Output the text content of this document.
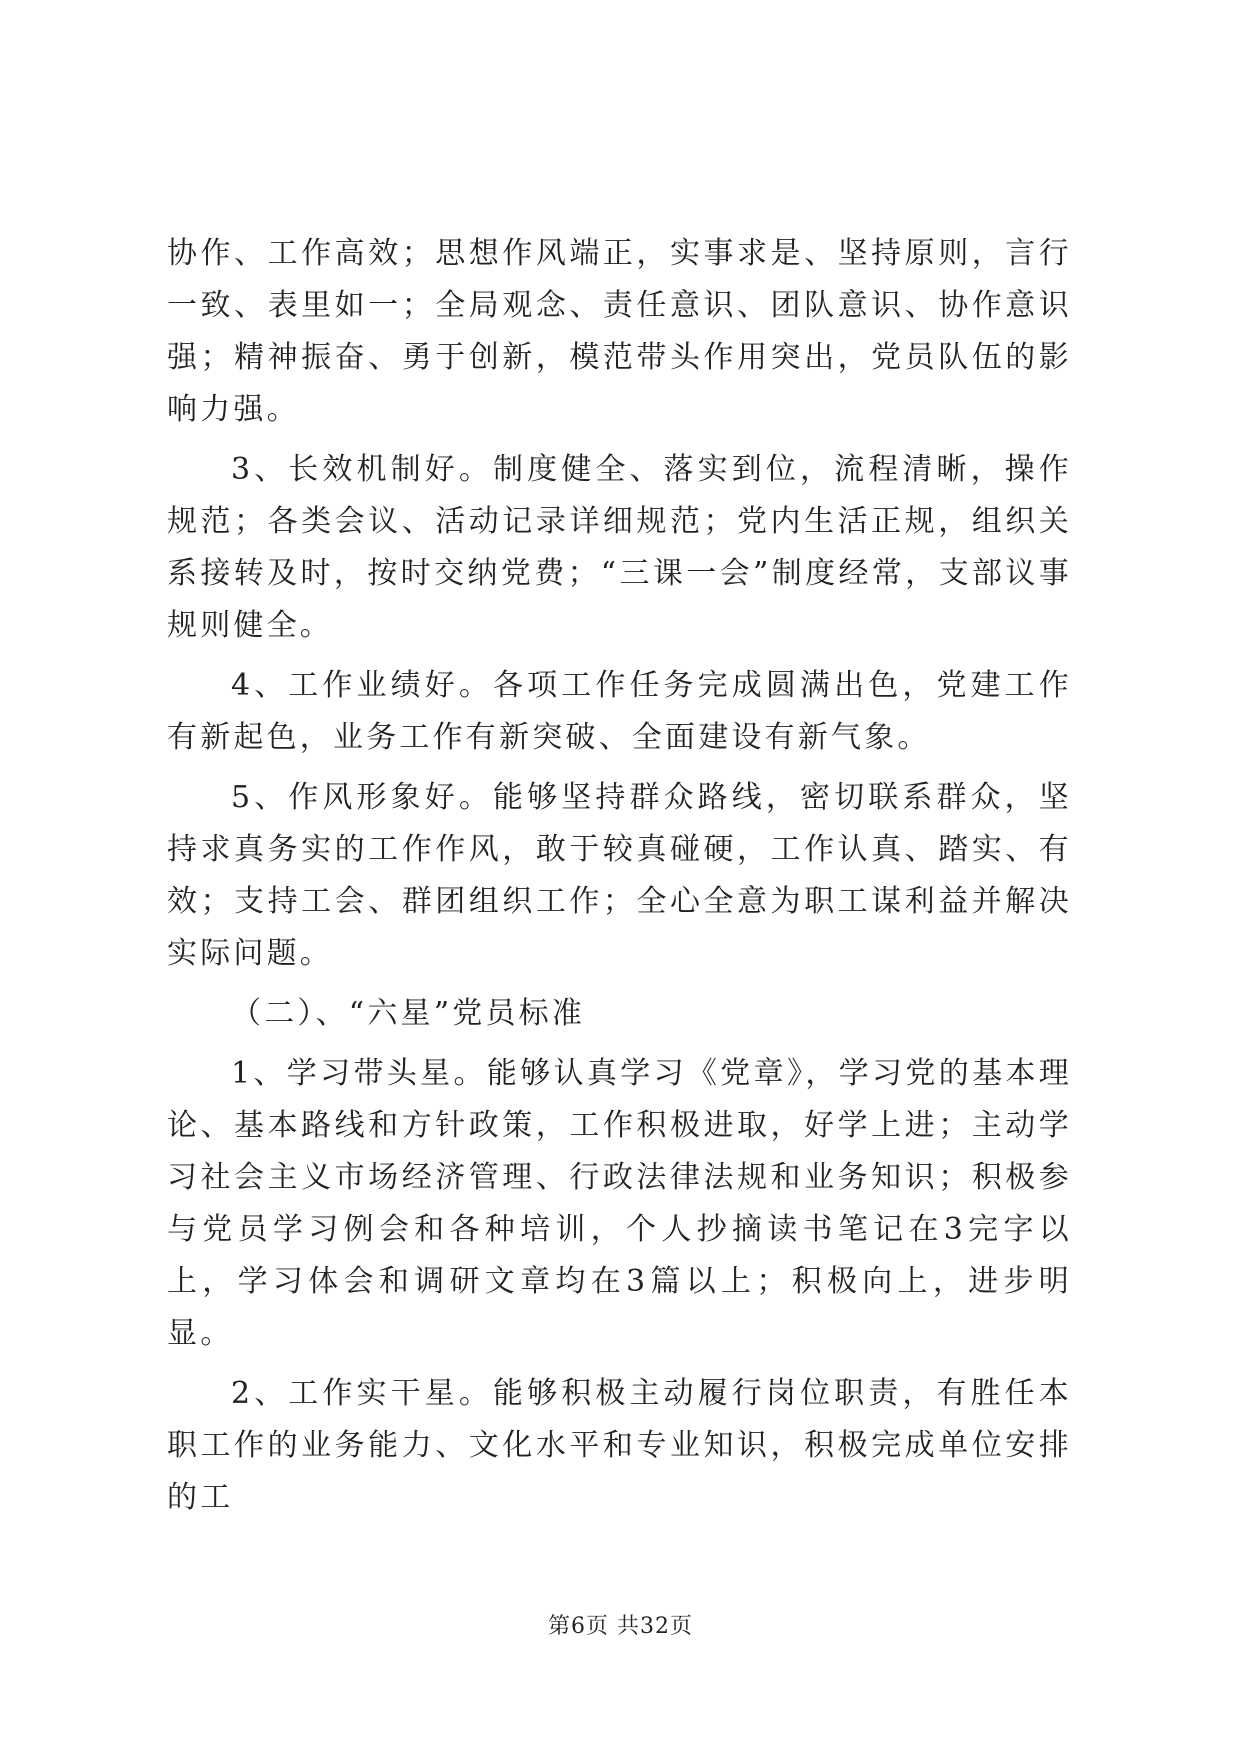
协作、工作高效；思想作风端正，实事求是、坚持原则，言行一致、表里如一；全局观念、责任意识、团队意识、协作意识强；精神振奋、勇于创新，模范带头作用突出，党员队伍的影响力强。

3、长效机制好。制度健全、落实到位，流程清晰，操作规范；各类会议、活动记录详细规范；党内生活正规，组织关系接转及时，按时交纳党费；“三课一会”制度经常，支部议事规则健全。

4、工作业绩好。各项工作任务完成圆满出色，党建工作有新起色，业务工作有新突破、全面建设有新气象。

5、作风形象好。能够坚持群众路线，密切联系群众，坚持求真务实的工作作风，敢于较真碰硬，工作认真、踏实、有效；支持工会、群团组织工作；全心全意为职工谋利益并解决实际问题。

（二）、“六星”党员标准

1、学习带头星。能够认真学习《党章》，学习党的基本理论、基本路线和方针政策，工作积极进取，好学上进；主动学习社会主义市场经济管理、行政法律法规和业务知识；积极参与党员学习例会和各种培训，个人抄摘读书笔记在3完字以上，学习体会和调研文章均在3篇以上；积极向上，进步明显。

2、工作实干星。能够积极主动履行岗位职责，有胜任本职工作的业务能力、文化水平和专业知识，积极完成单位安排的工

第6页 共32页
